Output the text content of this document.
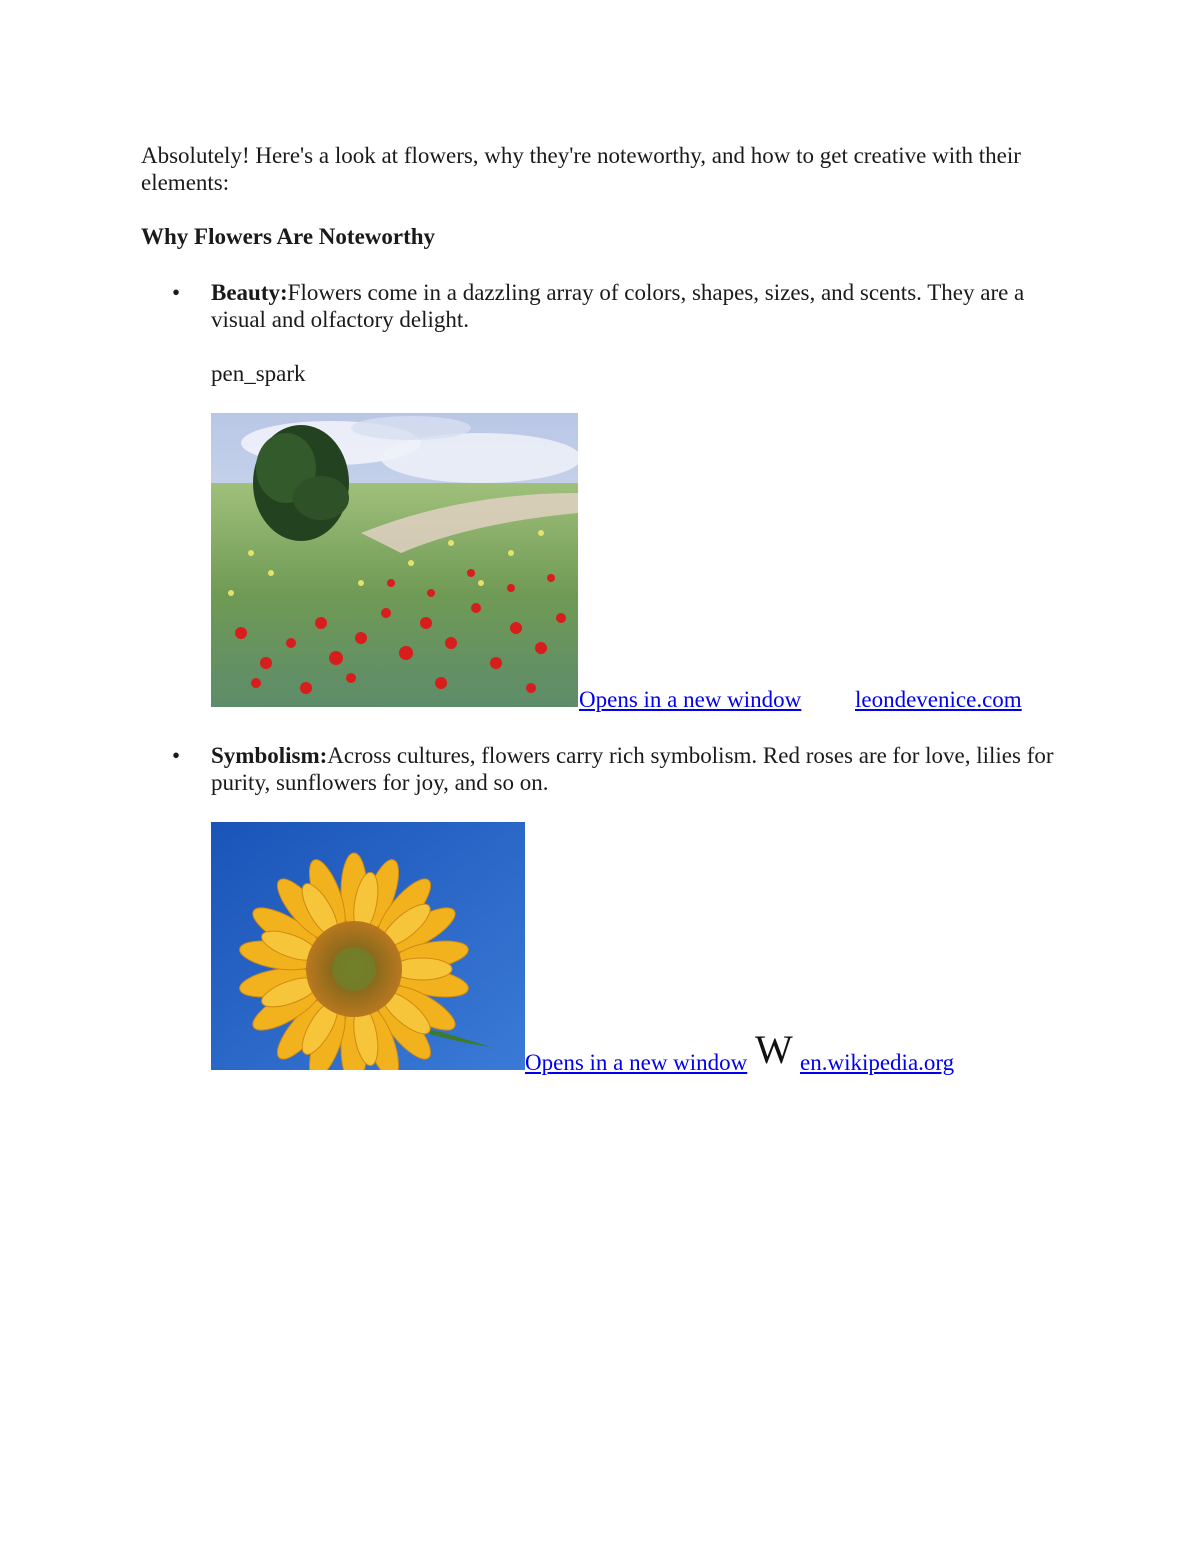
Absolutely! Here's a look at flowers, why they're noteworthy, and how to get creative with their elements:

Why Flowers Are Noteworthy

• Beauty:Flowers come in a dazzling array of colors, shapes, sizes, and scents. They are a visual and olfactory delight.

pen_spark
Opens in a new window leondevenice.com
• Symbolism:Across cultures, flowers carry rich symbolism. Red roses are for love, lilies for purity, sunflowers for joy, and so on.

Opens in a new window W en.wikipedia.org
